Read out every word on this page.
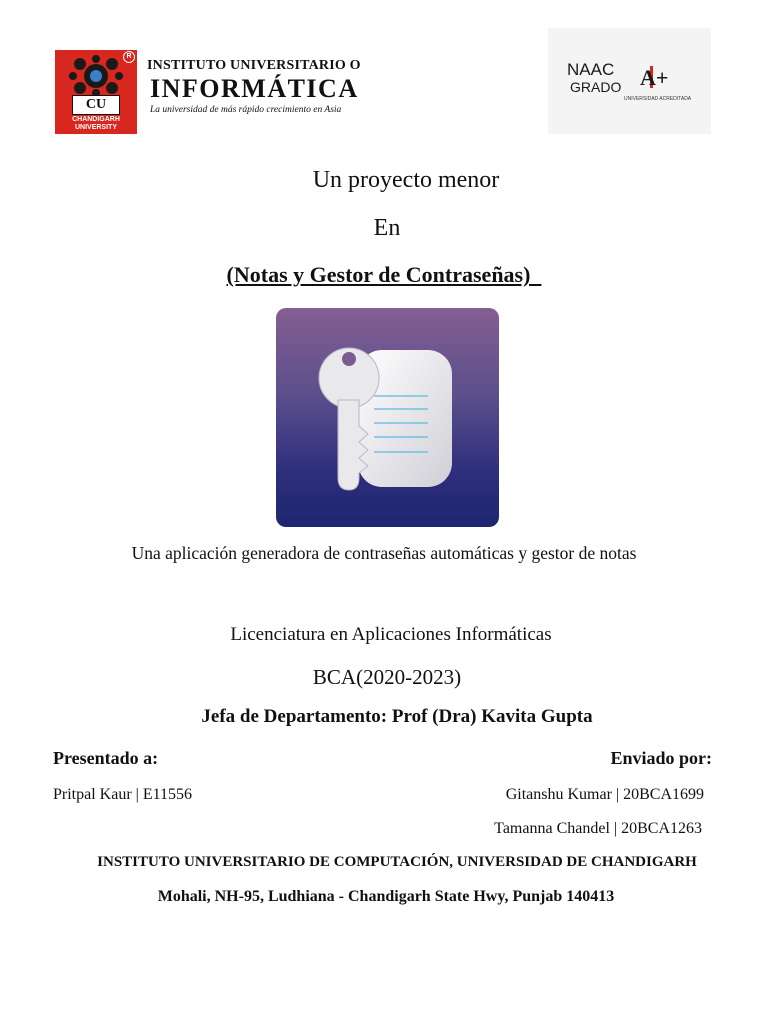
R
CU
CHANDIGARH
UNIVERSITY
INSTITUTO UNIVERSITARIO O
INFORMÁTICA
La universidad de más rápido crecimiento en Asia
NAAC
GRADO A+
UNIVERSIDAD ACREDITADA
Un proyecto menor
En
(Notas y Gestor de Contraseñas)
Una aplicación generadora de contraseñas automáticas y gestor de notas
Licenciatura en Aplicaciones Informáticas
BCA(2020-2023)
Jefa de Departamento: Prof (Dra) Kavita Gupta
Presentado a:	Enviado por:
Pritpal Kaur | E11556	Gitanshu Kumar | 20BCA1699
Tamanna Chandel | 20BCA1263
INSTITUTO UNIVERSITARIO DE COMPUTACIÓN, UNIVERSIDAD DE CHANDIGARH
Mohali, NH-95, Ludhiana - Chandigarh State Hwy, Punjab 140413
